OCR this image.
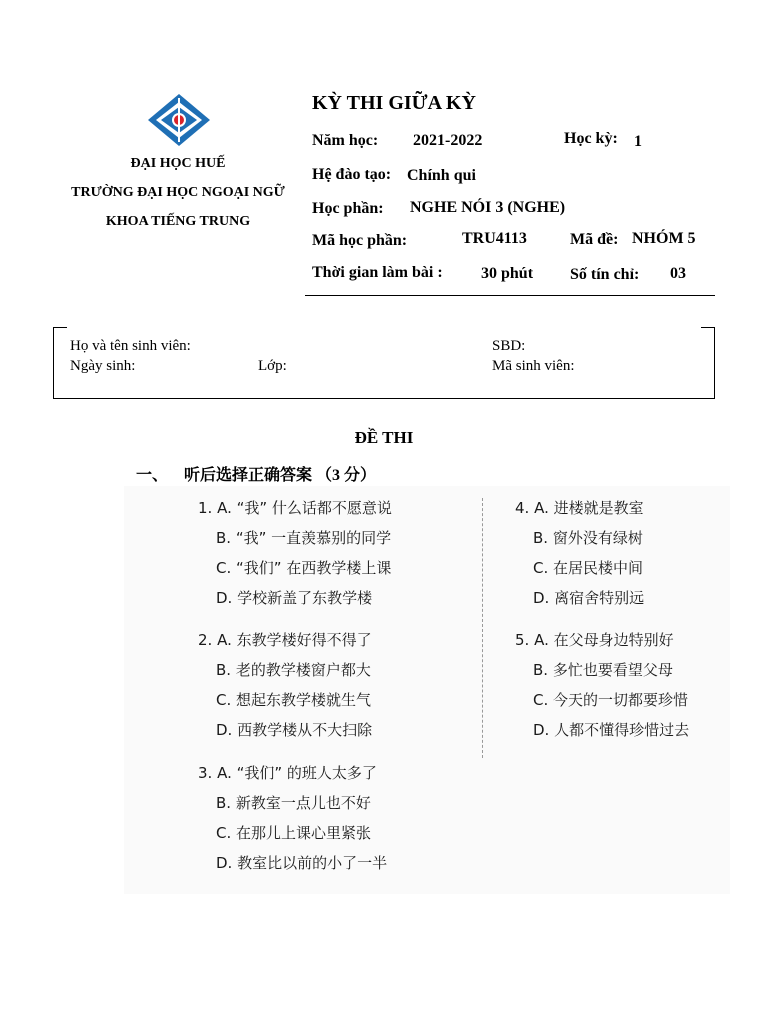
ĐẠI HỌC HUẾ
TRƯỜNG ĐẠI HỌC NGOẠI NGỮ
KHOA TIẾNG TRUNG
KỲ THI GIỮA KỲ
Năm học: 2021-2022	Học kỳ: 1
Hệ đào tạo: Chính qui
Học phần: NGHE NÓI 3 (NGHE)
Mã học phần:	TRU4113	Mã đề: NHÓM 5
Thời gian làm bài : 30 phút Số tín chỉ: 03
Họ và tên sinh viên:	SBD:
Ngày sinh:	Lớp:	Mã sinh viên:
ĐỀ THI
一、 听后选择正确答案 （3 分）
1. A. “我” 什么话都不愿意说
B. “我” 一直羡慕别的同学
C. “我们” 在西教学楼上课
D. 学校新盖了东教学楼
2. A. 东教学楼好得不得了
B. 老的教学楼窗户都大
C. 想起东教学楼就生气
D. 西教学楼从不大扫除
3. A. “我们” 的班人太多了
B. 新教室一点儿也不好
C. 在那儿上课心里紧张
D. 教室比以前的小了一半
4. A. 进楼就是教室
B. 窗外没有绿树
C. 在居民楼中间
D. 离宿舍特别远
5. A. 在父母身边特别好
B. 多忙也要看望父母
C. 今天的一切都要珍惜
D. 人都不懂得珍惜过去
